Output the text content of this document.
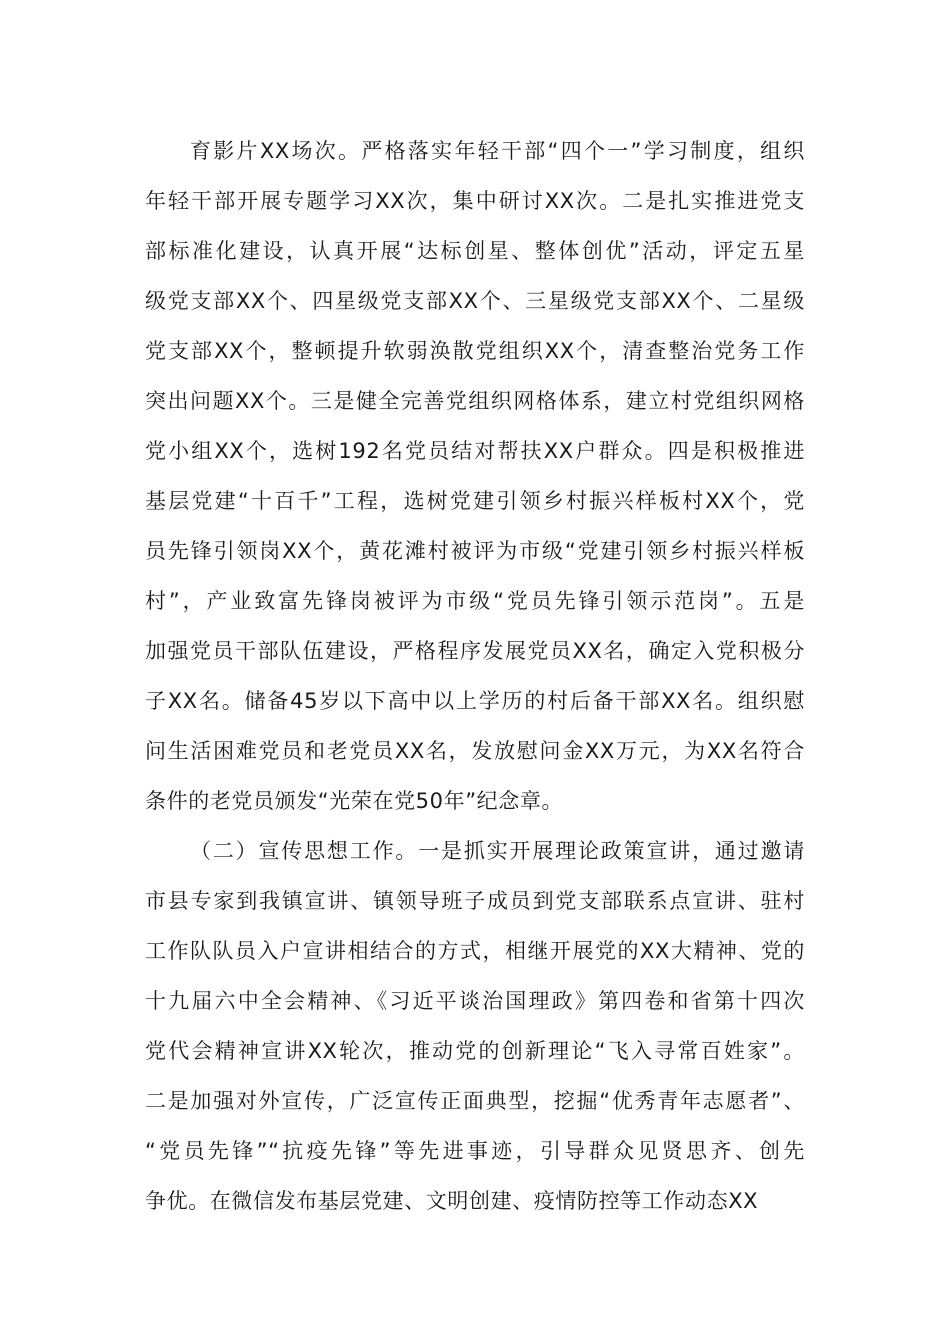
育影片XX场次。严格落实年轻干部“四个一”学习制度，组织
年轻干部开展专题学习XX次，集中研讨XX次。二是扎实推进党支
部标准化建设，认真开展“达标创星、整体创优”活动，评定五星
级党支部XX个、四星级党支部XX个、三星级党支部XX个、二星级
党支部XX个，整顿提升软弱涣散党组织XX个，清查整治党务工作
突出问题XX个。三是健全完善党组织网格体系，建立村党组织网格
党小组XX个，选树192名党员结对帮扶XX户群众。四是积极推进
基层党建“十百千”工程，选树党建引领乡村振兴样板村XX个，党
员先锋引领岗XX个，黄花滩村被评为市级“党建引领乡村振兴样板
村”，产业致富先锋岗被评为市级“党员先锋引领示范岗”。五是
加强党员干部队伍建设，严格程序发展党员XX名，确定入党积极分
子XX名。储备45岁以下高中以上学历的村后备干部XX名。组织慰
问生活困难党员和老党员XX名，发放慰问金XX万元，为XX名符合
条件的老党员颁发“光荣在党50年”纪念章。
（二）宣传思想工作。一是抓实开展理论政策宣讲，通过邀请
市县专家到我镇宣讲、镇领导班子成员到党支部联系点宣讲、驻村
工作队队员入户宣讲相结合的方式，相继开展党的XX大精神、党的
十九届六中全会精神、《习近平谈治国理政》第四卷和省第十四次
党代会精神宣讲XX轮次，推动党的创新理论“飞入寻常百姓家”。
二是加强对外宣传，广泛宣传正面典型，挖掘“优秀青年志愿者”、
“党员先锋”“抗疫先锋”等先进事迹，引导群众见贤思齐、创先
争优。在微信发布基层党建、文明创建、疫情防控等工作动态XX
